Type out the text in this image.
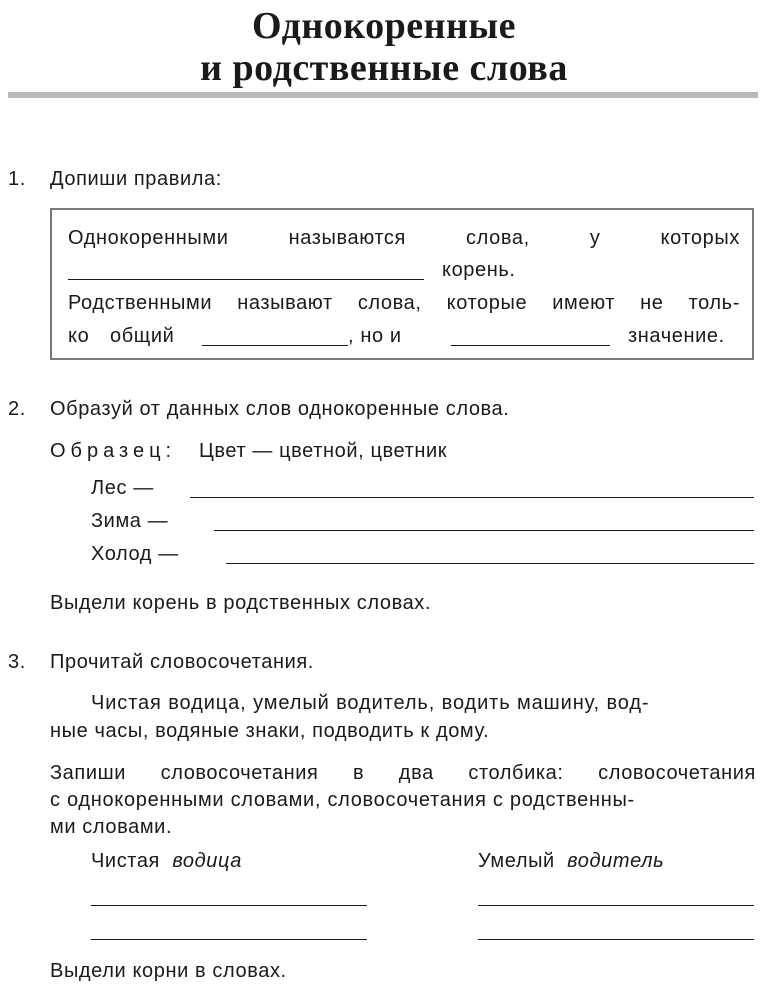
Однокоренные
и родственные слова
1. Допиши правила:
Однокоренными	называются	слова,	у	которых
корень.
Родственными называют слова, которые имеют не толь-
ко общий	, но и	значение.
2. Образуй от данных слов однокоренные слова.
Образец: Цвет — цветной, цветник
Лес —
Зима —
Холод —
Выдели корень в родственных словах.
3. Прочитай словосочетания.
Чистая водица, умелый водитель, водить машину, вод-
ные часы, водяные знаки, подводить к дому.
Запиши словосочетания в два столбика: словосочетания
с однокоренными словами, словосочетания с родственны-
ми словами.
Чистая водица	Умелый водитель
Выдели корни в словах.
